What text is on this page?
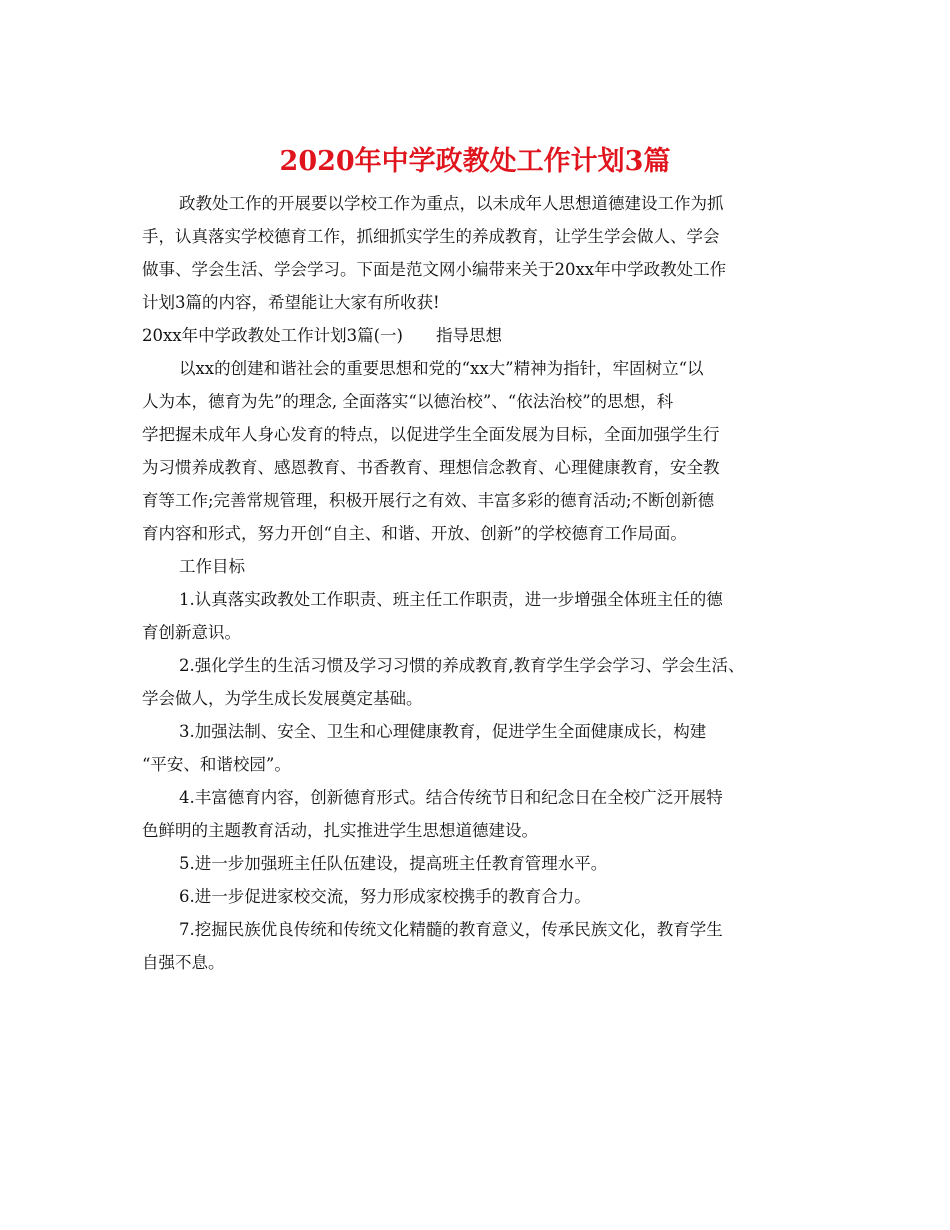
2020年中学政教处工作计划3篇
政教处工作的开展要以学校工作为重点，以未成年人思想道德建设工作为抓
手，认真落实学校德育工作，抓细抓实学生的养成教育，让学生学会做人、学会
做事、学会生活、学会学习。下面是范文网小编带来关于20xx年中学政教处工作
计划3篇的内容，希望能让大家有所收获!
20xx年中学政教处工作计划3篇(一)　　指导思想
以xx的创建和谐社会的重要思想和党的“xx大”精神为指针，牢固树立“以
人为本，德育为先”的理念, 全面落实“以德治校”、“依法治校”的思想，科
学把握未成年人身心发育的特点，以促进学生全面发展为目标，全面加强学生行
为习惯养成教育、感恩教育、书香教育、理想信念教育、心理健康教育，安全教
育等工作;完善常规管理，积极开展行之有效、丰富多彩的德育活动;不断创新德
育内容和形式，努力开创“自主、和谐、开放、创新”的学校德育工作局面。
工作目标
1.认真落实政教处工作职责、班主任工作职责，进一步增强全体班主任的德
育创新意识。
2.强化学生的生活习惯及学习习惯的养成教育,教育学生学会学习、学会生活、
学会做人，为学生成长发展奠定基础。
3.加强法制、安全、卫生和心理健康教育，促进学生全面健康成长，构建
“平安、和谐校园”。
4.丰富德育内容，创新德育形式。结合传统节日和纪念日在全校广泛开展特
色鲜明的主题教育活动，扎实推进学生思想道德建设。
5.进一步加强班主任队伍建设，提高班主任教育管理水平。
6.进一步促进家校交流，努力形成家校携手的教育合力。
7.挖掘民族优良传统和传统文化精髓的教育意义，传承民族文化，教育学生
自强不息。
